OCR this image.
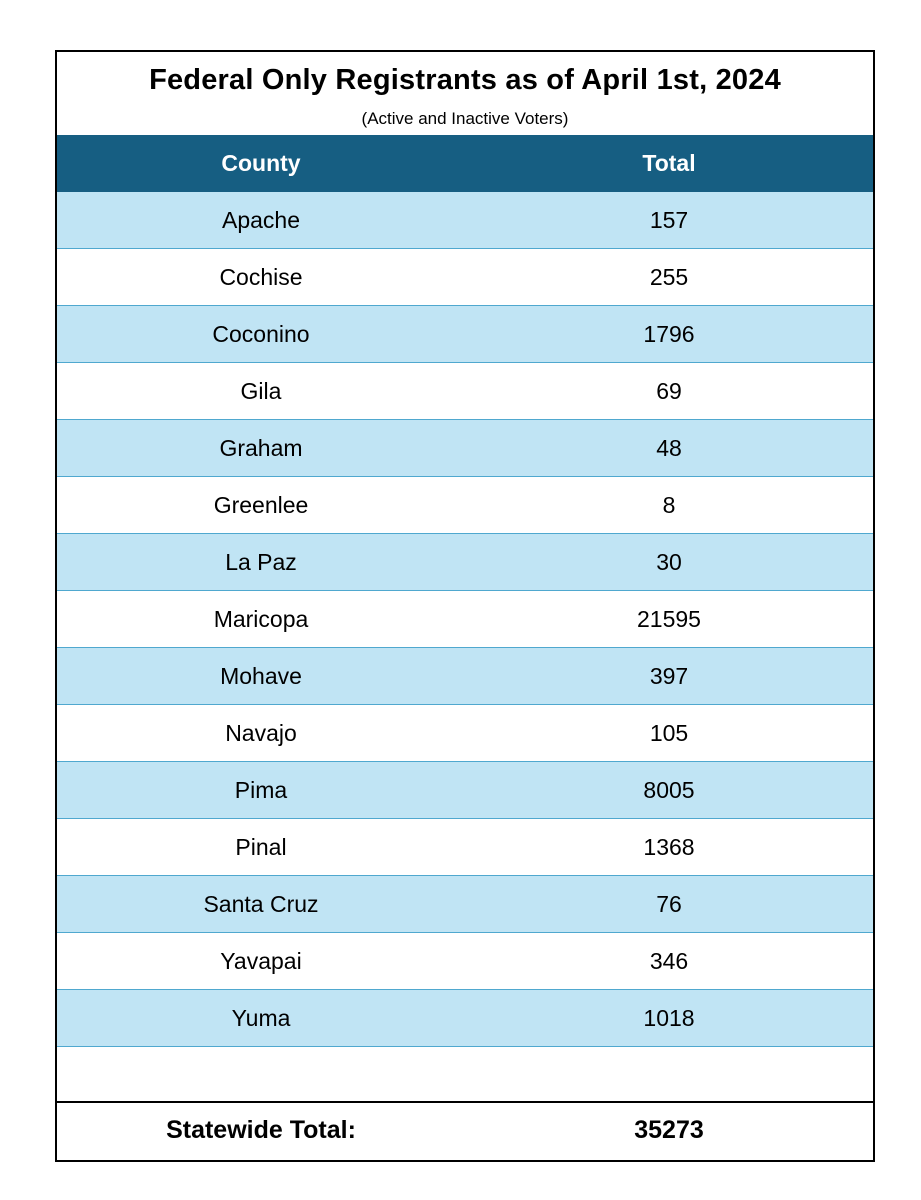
Federal Only Registrants as of April 1st, 2024
(Active and Inactive Voters)
County	Total
Apache	157
Cochise	255
Coconino	1796
Gila	69
Graham	48
Greenlee	8
La Paz	30
Maricopa	21595
Mohave	397
Navajo	105
Pima	8005
Pinal	1368
Santa Cruz	76
Yavapai	346
Yuma	1018
Statewide Total:	35273
